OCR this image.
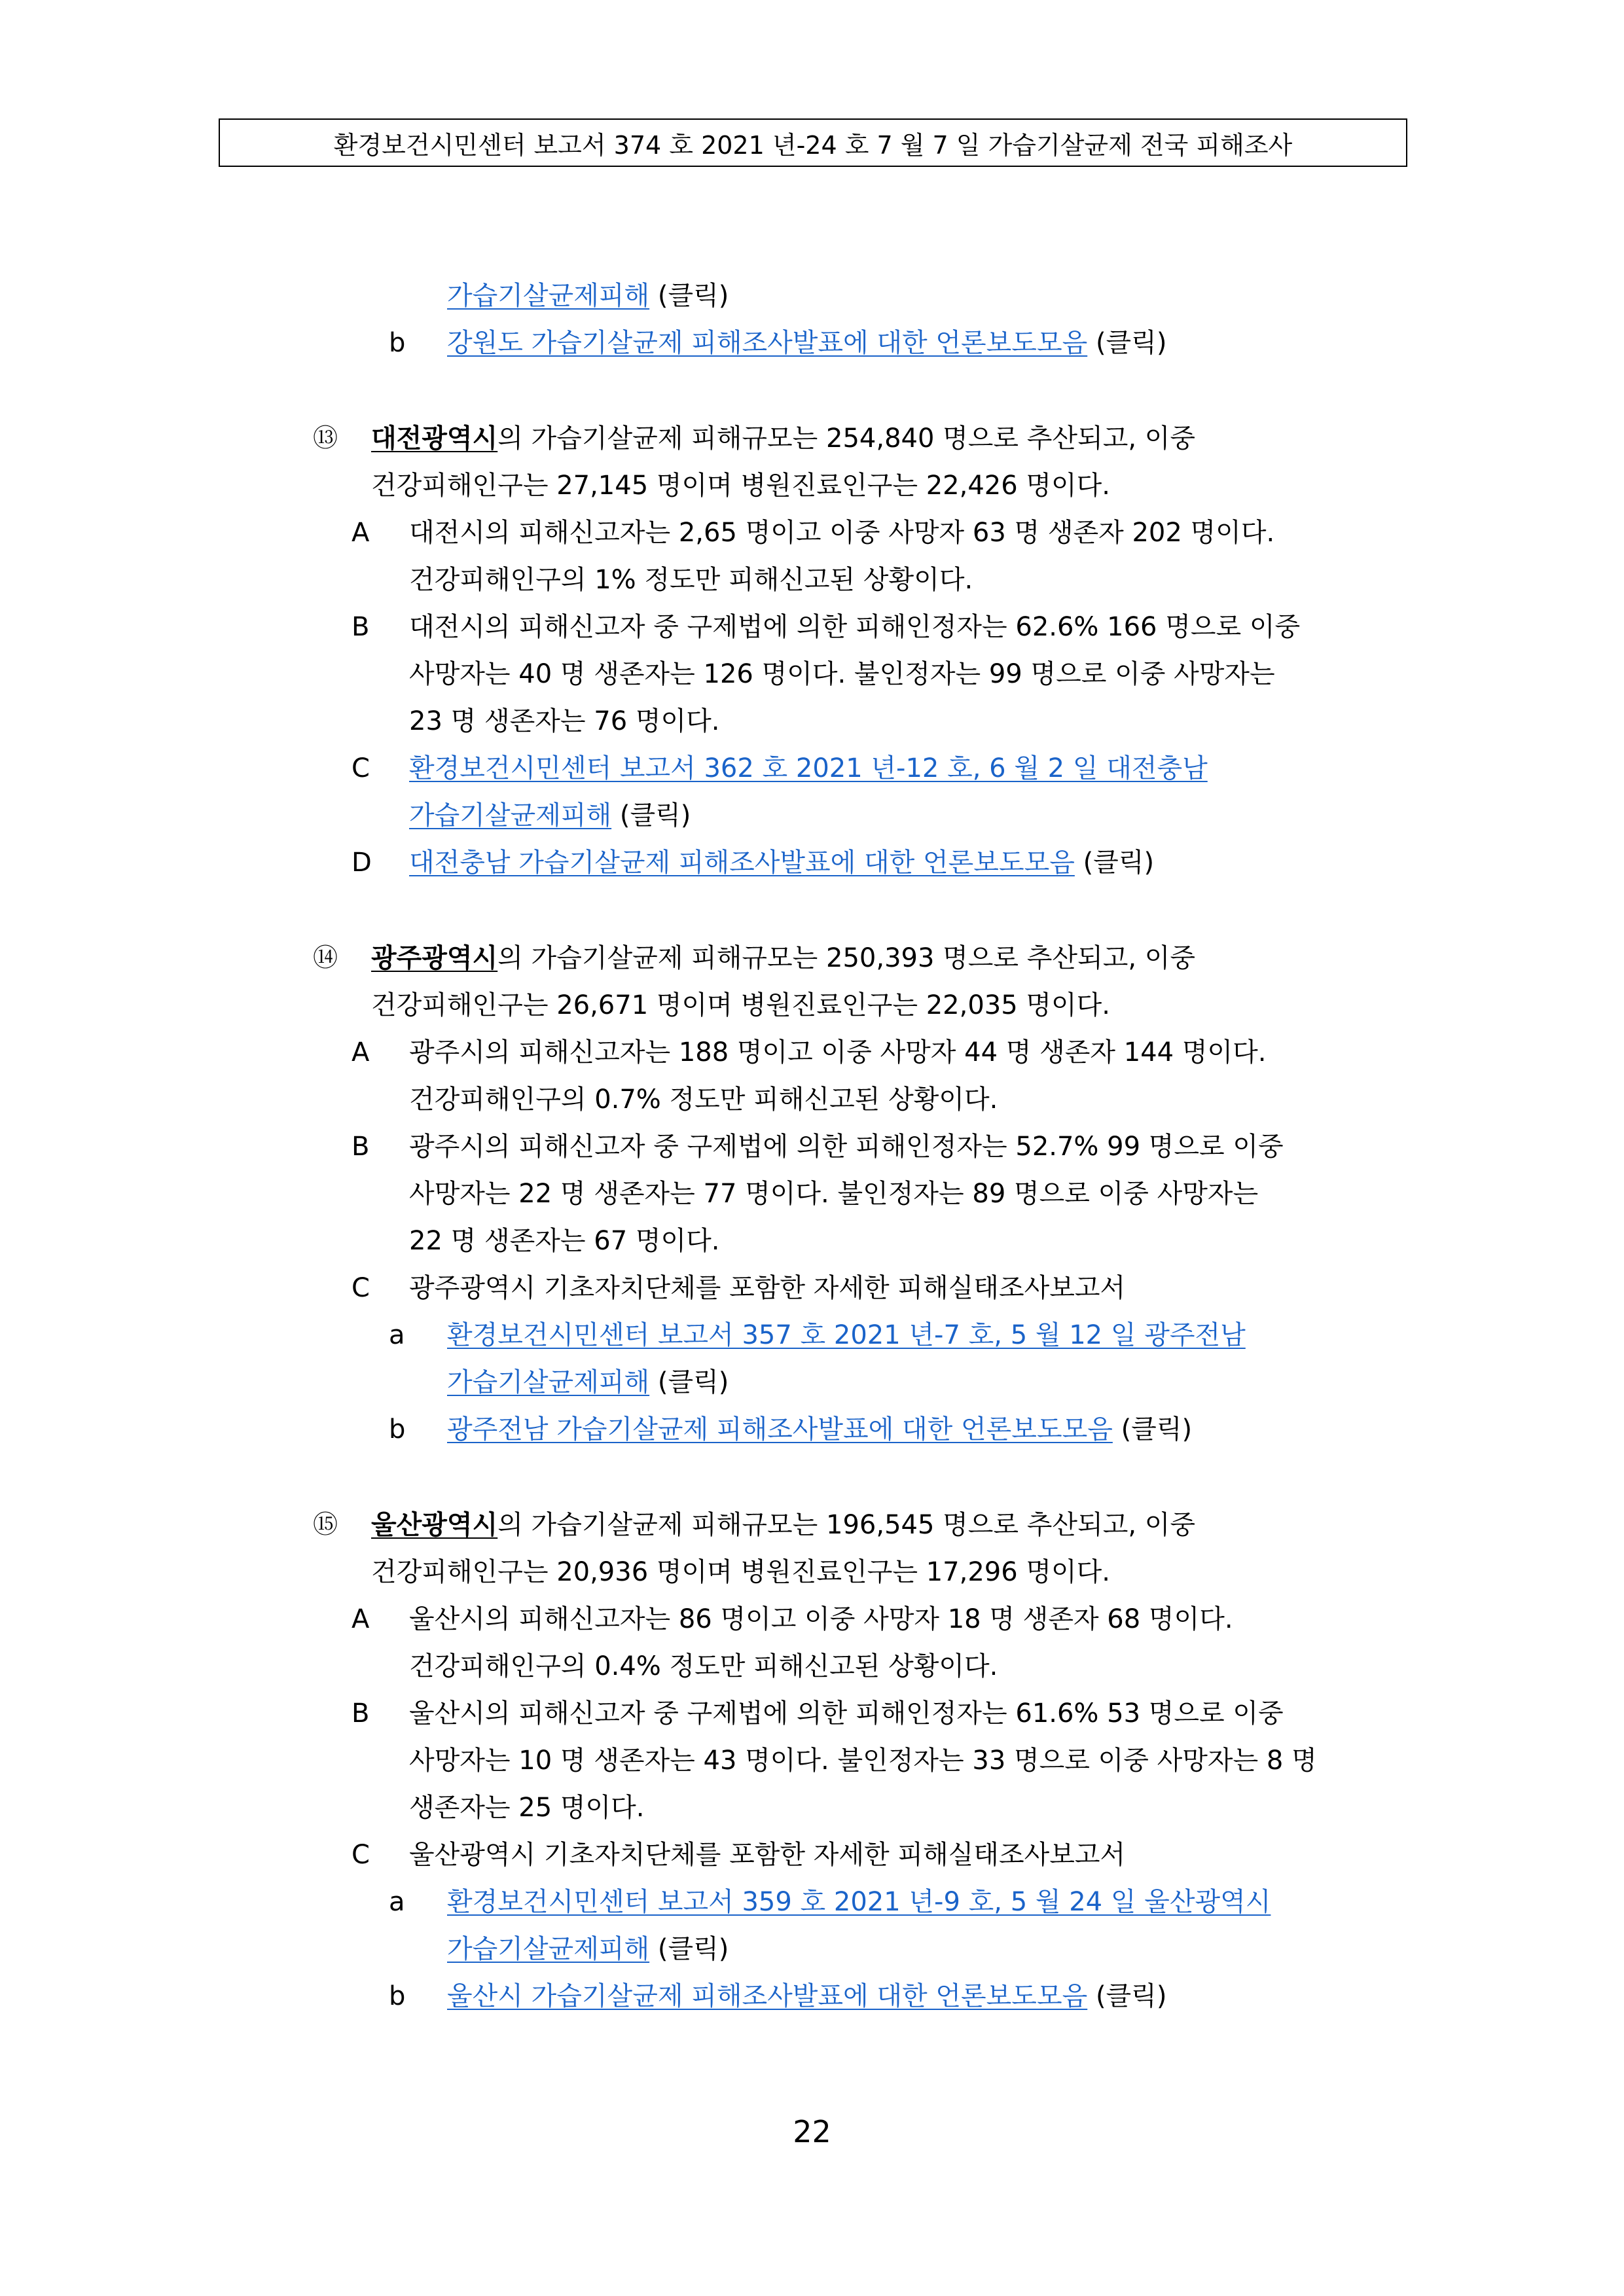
환경보건시민센터 보고서 374 호 2021 년-24 호 7 월 7 일 가습기살균제 전국 피해조사
가습기살균제피해 (클릭)
b 강원도 가습기살균제 피해조사발표에 대한 언론보도모음 (클릭)
⑬ 대전광역시의 가습기살균제 피해규모는 254,840 명으로 추산되고, 이중
건강피해인구는 27,145 명이며 병원진료인구는 22,426 명이다.
A 대전시의 피해신고자는 2,65 명이고 이중 사망자 63 명 생존자 202 명이다.
건강피해인구의 1% 정도만 피해신고된 상황이다.
B 대전시의 피해신고자 중 구제법에 의한 피해인정자는 62.6% 166 명으로 이중
사망자는 40 명 생존자는 126 명이다. 불인정자는 99 명으로 이중 사망자는
23 명 생존자는 76 명이다.
C 환경보건시민센터 보고서 362 호 2021 년-12 호, 6 월 2 일 대전충남
가습기살균제피해 (클릭)
D 대전충남 가습기살균제 피해조사발표에 대한 언론보도모음 (클릭)
⑭ 광주광역시의 가습기살균제 피해규모는 250,393 명으로 추산되고, 이중
건강피해인구는 26,671 명이며 병원진료인구는 22,035 명이다.
A 광주시의 피해신고자는 188 명이고 이중 사망자 44 명 생존자 144 명이다.
건강피해인구의 0.7% 정도만 피해신고된 상황이다.
B 광주시의 피해신고자 중 구제법에 의한 피해인정자는 52.7% 99 명으로 이중
사망자는 22 명 생존자는 77 명이다. 불인정자는 89 명으로 이중 사망자는
22 명 생존자는 67 명이다.
C 광주광역시 기초자치단체를 포함한 자세한 피해실태조사보고서
a 환경보건시민센터 보고서 357 호 2021 년-7 호, 5 월 12 일 광주전남
가습기살균제피해 (클릭)
b 광주전남 가습기살균제 피해조사발표에 대한 언론보도모음 (클릭)
⑮ 울산광역시의 가습기살균제 피해규모는 196,545 명으로 추산되고, 이중
건강피해인구는 20,936 명이며 병원진료인구는 17,296 명이다.
A 울산시의 피해신고자는 86 명이고 이중 사망자 18 명 생존자 68 명이다.
건강피해인구의 0.4% 정도만 피해신고된 상황이다.
B 울산시의 피해신고자 중 구제법에 의한 피해인정자는 61.6% 53 명으로 이중
사망자는 10 명 생존자는 43 명이다. 불인정자는 33 명으로 이중 사망자는 8 명
생존자는 25 명이다.
C 울산광역시 기초자치단체를 포함한 자세한 피해실태조사보고서
a 환경보건시민센터 보고서 359 호 2021 년-9 호, 5 월 24 일 울산광역시
가습기살균제피해 (클릭)
b 울산시 가습기살균제 피해조사발표에 대한 언론보도모음 (클릭)
22
